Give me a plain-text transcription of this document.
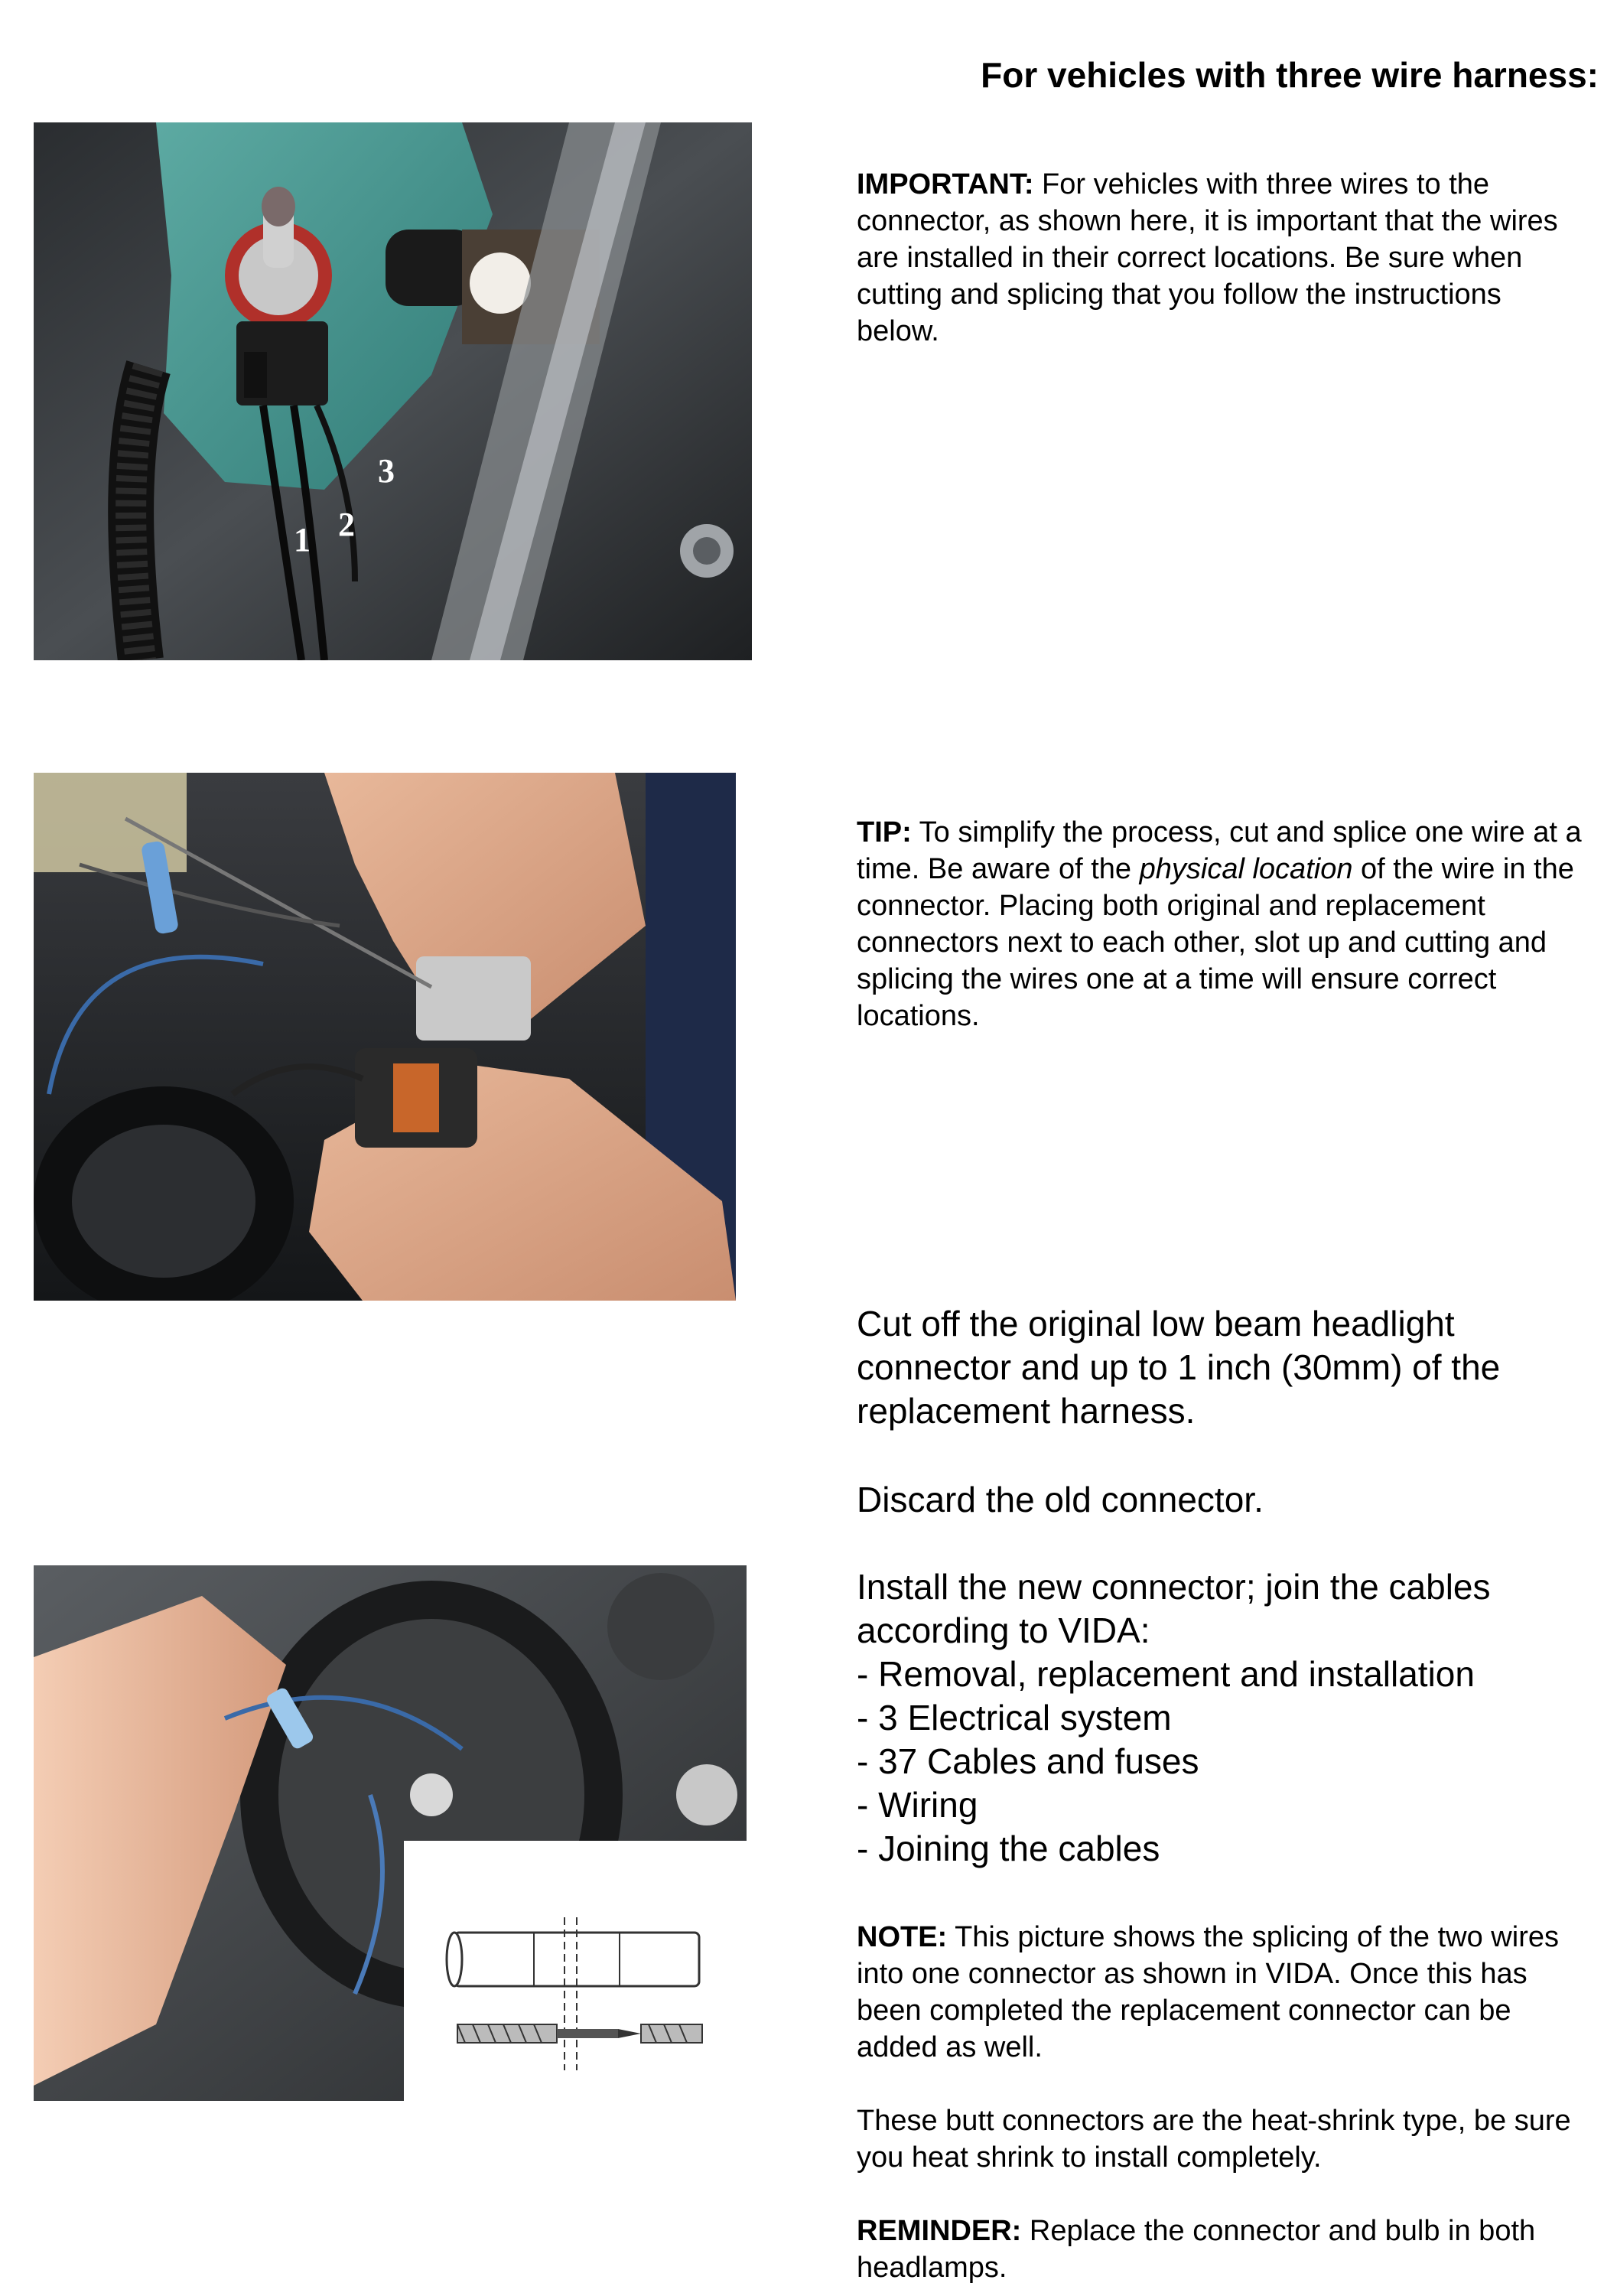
For vehicles with three wire harness:
1 2
3
IMPORTANT: For vehicles with three wires to the connector, as shown here, it is important that the wires are installed in their correct locations. Be sure when cutting and splicing that you follow the instructions below.
TIP: To simplify the process, cut and splice one wire at a time. Be aware of the physical location of the wire in the connector. Placing both original and replacement connectors next to each other, slot up and cutting and splicing the wires one at a time will ensure correct locations.
Cut off the original low beam headlight connector and up to 1 inch (30mm) of the replacement harness.
Discard the old connector.
Install the new connector; join the cables according to VIDA:
- Removal, replacement and installation
- 3 Electrical system
- 37 Cables and fuses
- Wiring
- Joining the cables
NOTE: This picture shows the splicing of the two wires into one connector as shown in VIDA. Once this has been completed the replacement connector can be added as well.
These butt connectors are the heat-shrink type, be sure you heat shrink to install completely.
REMINDER: Replace the connector and bulb in both headlamps.
